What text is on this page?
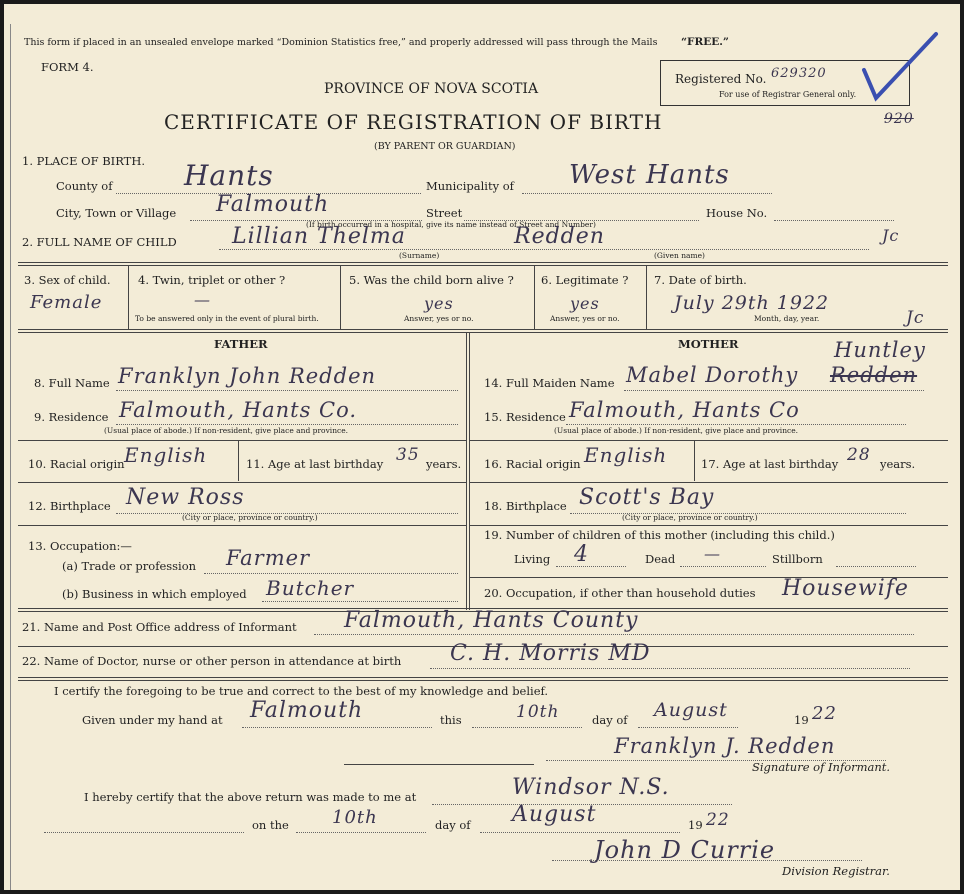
This form if placed in an unsealed envelope marked “Dominion Statistics free,” and properly addressed will pass through the Mails “FREE.”
FORM 4.
PROVINCE OF NOVA SCOTIA
CERTIFICATE OF REGISTRATION OF BIRTH
(BY PARENT OR GUARDIAN)
Registered No. 629320
For use of Registrar General only.
920
1. PLACE OF BIRTH.
County of	Hants	Municipality of West Hants
City, Town or Village Falmouth	Street	House No.
(If birth occurred in a hospital, give its name instead of Street and Number)
2. FULL NAME OF CHILD	Lillian Thelma	Redden
(Surname)	(Given name)
Jc
3. Sex of child.
Female
4. Twin, triplet or other ?
—
To be answered only in the event of plural birth.
5. Was the child born alive ?
yes
Answer, yes or no.
6. Legitimate ?
yes
Answer, yes or no.
7. Date of birth.
July 29th 1922
Month, day, year.	Jc
FATHER	MOTHER
8. Full Name Franklyn John Redden
9. Residence Falmouth, Hants Co.
(Usual place of abode.) If non-resident, give place and province.
10. Racial origin English	11. Age at last birthday 35 years.
12. Birthplace New Ross
(City or place, province or country.)
13. Occupation:—
(a) Trade or profession Farmer
(b) Business in which employed Butcher
Huntley
14. Full Maiden Name Mabel Dorothy Redden
15. Residence Falmouth, Hants Co
(Usual place of abode.) If non-resident, give place and province.
16. Racial origin English	17. Age at last birthday 28 years.
18. Birthplace Scott's Bay
(City or place, province or country.)
19. Number of children of this mother (including this child.)
Living 4	Dead —	Stillborn
20. Occupation, if other than household duties Housewife
21. Name and Post Office address of Informant Falmouth, Hants County
22. Name of Doctor, nurse or other person in attendance at birth C. H. Morris MD
I certify the foregoing to be true and correct to the best of my knowledge and belief.
Given under my hand at Falmouth	this	10th	day of August	19 22
Franklyn J. Redden
Signature of Informant.
I hereby certify that the above return was made to me at	Windsor N.S.
on the 10th	day of August	19 22
John D Currie
Division Registrar.
